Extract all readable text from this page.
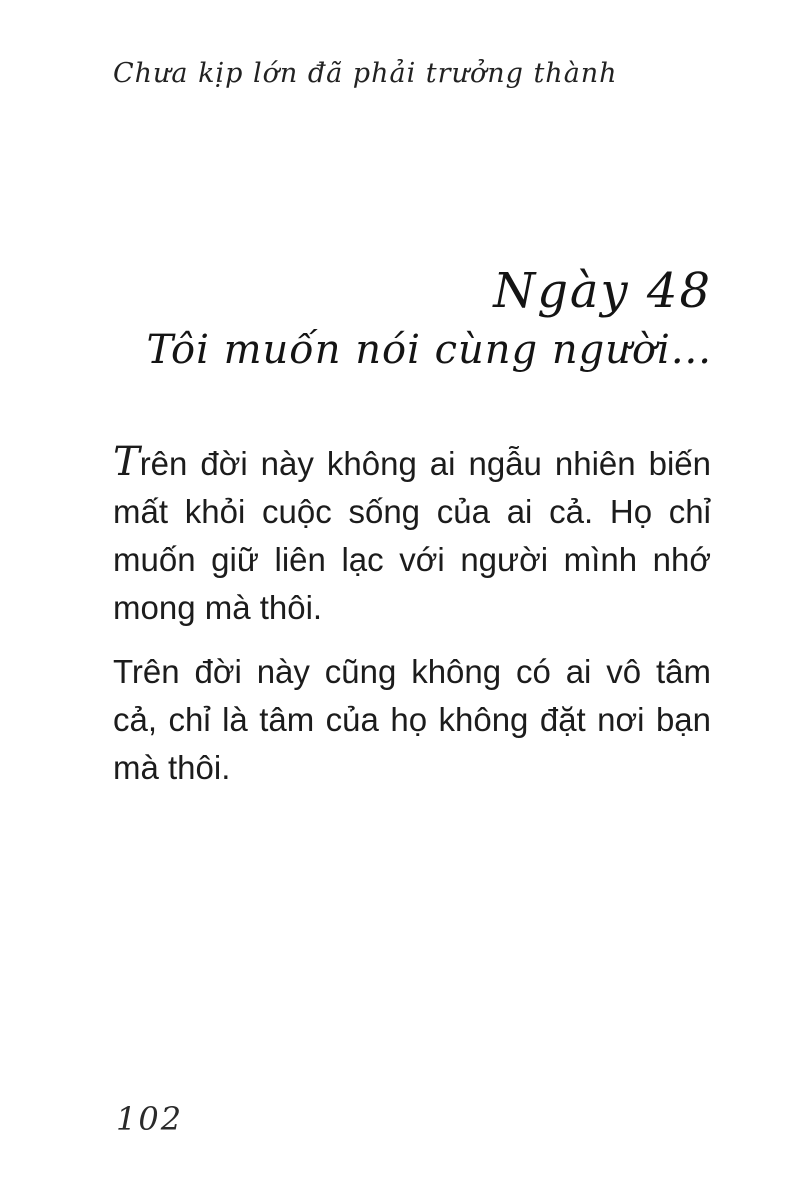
Chưa kịp lớn đã phải trưởng thành
Ngày 48
Tôi muốn nói cùng người...

Trên đời này không ai ngẫu nhiên biến mất khỏi cuộc sống của ai cả. Họ chỉ muốn giữ liên lạc với người mình nhớ mong mà thôi.

Trên đời này cũng không có ai vô tâm cả, chỉ là tâm của họ không đặt nơi bạn mà thôi.

102
